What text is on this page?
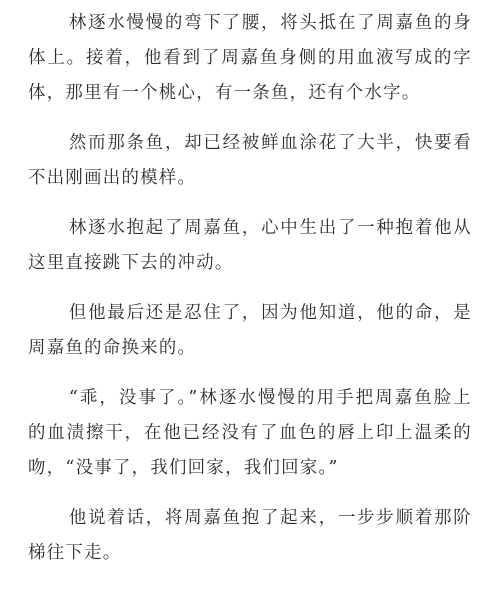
林逐水慢慢的弯下了腰，将头抵在了周嘉鱼的身体上。接着，他看到了周嘉鱼身侧的用血液写成的字体，那里有一个桃心，有一条鱼，还有个水字。

然而那条鱼，却已经被鲜血涂花了大半，快要看不出刚画出的模样。

林逐水抱起了周嘉鱼，心中生出了一种抱着他从这里直接跳下去的冲动。

但他最后还是忍住了，因为他知道，他的命，是周嘉鱼的命换来的。

“乖，没事了。”林逐水慢慢的用手把周嘉鱼脸上的血渍擦干，在他已经没有了血色的唇上印上温柔的吻，“没事了，我们回家，我们回家。”

他说着话，将周嘉鱼抱了起来，一步步顺着那阶梯往下走。
